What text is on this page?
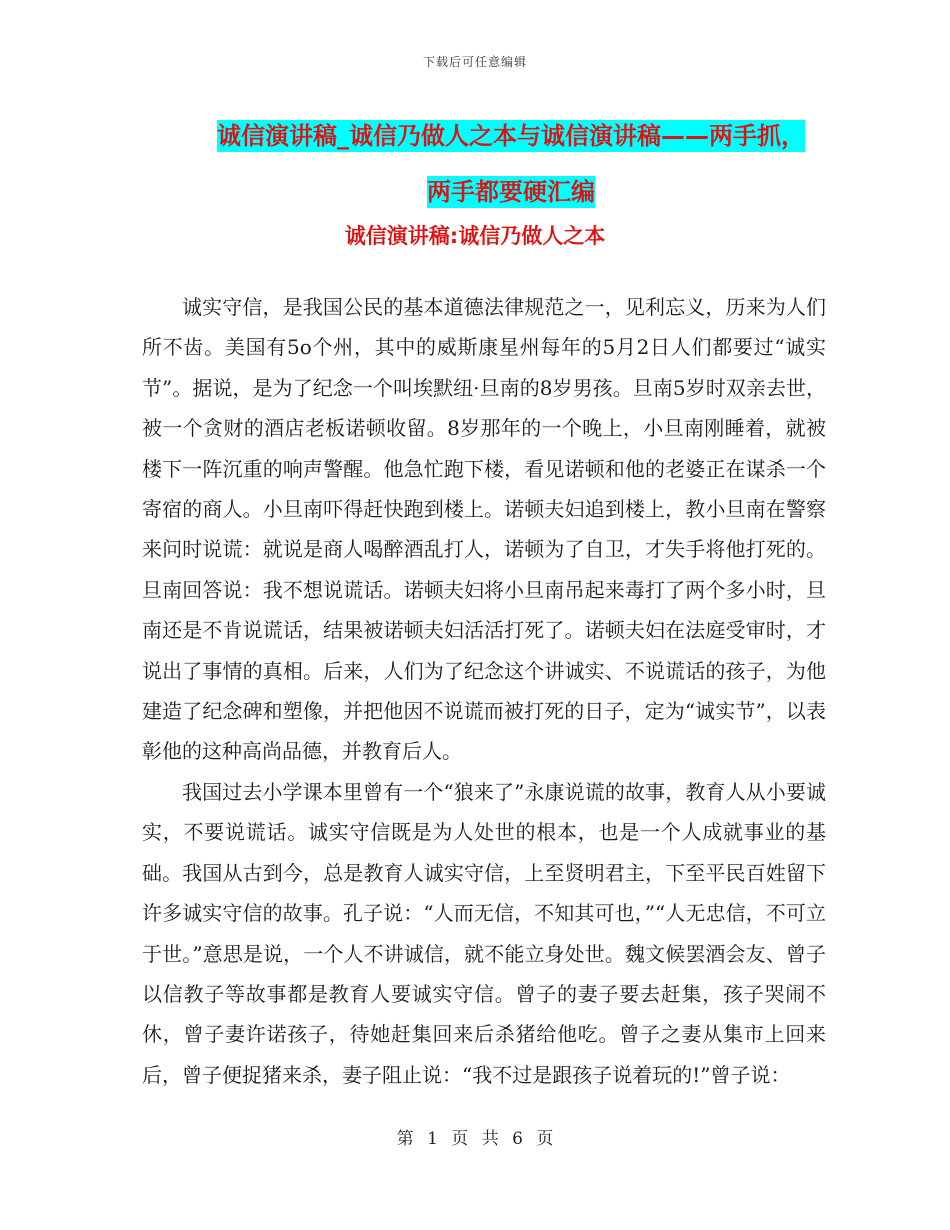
下载后可任意编辑
诚信演讲稿_诚信乃做人之本与诚信演讲稿——两手抓，
两手都要硬汇编
诚信演讲稿:诚信乃做人之本

诚实守信，是我国公民的基本道德法律规范之一，见利忘义，历来为人们所不齿。美国有5o个州，其中的威斯康星州每年的5月2日人们都要过“诚实节”。据说，是为了纪念一个叫埃默纽·旦南的8岁男孩。旦南5岁时双亲去世，被一个贪财的酒店老板诺顿收留。8岁那年的一个晚上，小旦南刚睡着，就被楼下一阵沉重的响声警醒。他急忙跑下楼，看见诺顿和他的老婆正在谋杀一个寄宿的商人。小旦南吓得赶快跑到楼上。诺顿夫妇追到楼上，教小旦南在警察来问时说谎：就说是商人喝醉酒乱打人，诺顿为了自卫，才失手将他打死的。旦南回答说：我不想说谎话。诺顿夫妇将小旦南吊起来毒打了两个多小时，旦南还是不肯说谎话，结果被诺顿夫妇活活打死了。诺顿夫妇在法庭受审时，才说出了事情的真相。后来，人们为了纪念这个讲诚实、不说谎话的孩子，为他建造了纪念碑和塑像，并把他因不说谎而被打死的日子，定为“诚实节”，以表彰他的这种高尚品德，并教育后人。

我国过去小学课本里曾有一个“狼来了”永康说谎的故事，教育人从小要诚实，不要说谎话。诚实守信既是为人处世的根本，也是一个人成就事业的基础。我国从古到今，总是教育人诚实守信，上至贤明君主，下至平民百姓留下许多诚实守信的故事。孔子说：“人而无信，不知其可也，”“人无忠信，不可立于世。”意思是说，一个人不讲诚信，就不能立身处世。魏文候罢酒会友、曾子以信教子等故事都是教育人要诚实守信。曾子的妻子要去赶集，孩子哭闹不休，曾子妻许诺孩子，待她赶集回来后杀猪给他吃。曾子之妻从集市上回来后，曾子便捉猪来杀，妻子阻止说：“我不过是跟孩子说着玩的!”曾子说：

第 1 页 共 6 页
